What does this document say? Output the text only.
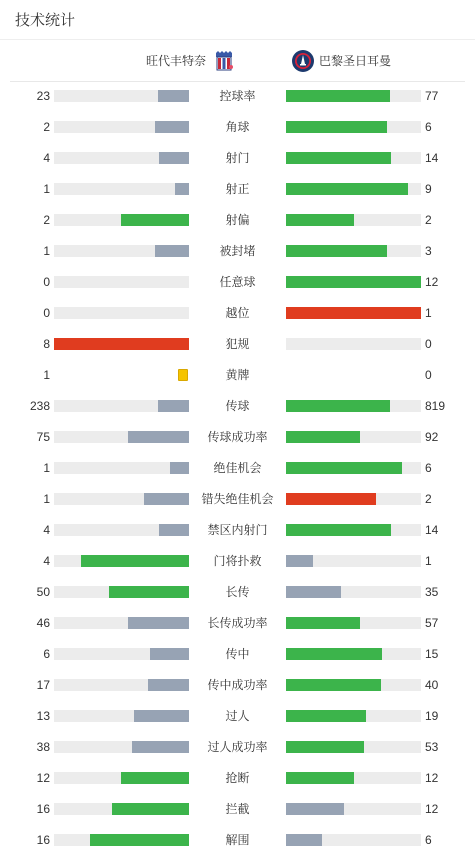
技术统计
旺代丰特奈	巴黎圣日耳曼
23	控球率	77
2	角球	6
4	射门	14
1	射正	9
2	射偏	2
1	被封堵	3
0	任意球	12
0	越位	1
8	犯规	0
1	黄牌	0
238	传球	819
75	传球成功率	92
1	绝佳机会	6
1	错失绝佳机会	2
4	禁区内射门	14
4	门将扑救	1
50	长传	35
46	长传成功率	57
6	传中	15
17	传中成功率	40
13	过人	19
38	过人成功率	53
12	抢断	12
16	拦截	12
16	解围	6
